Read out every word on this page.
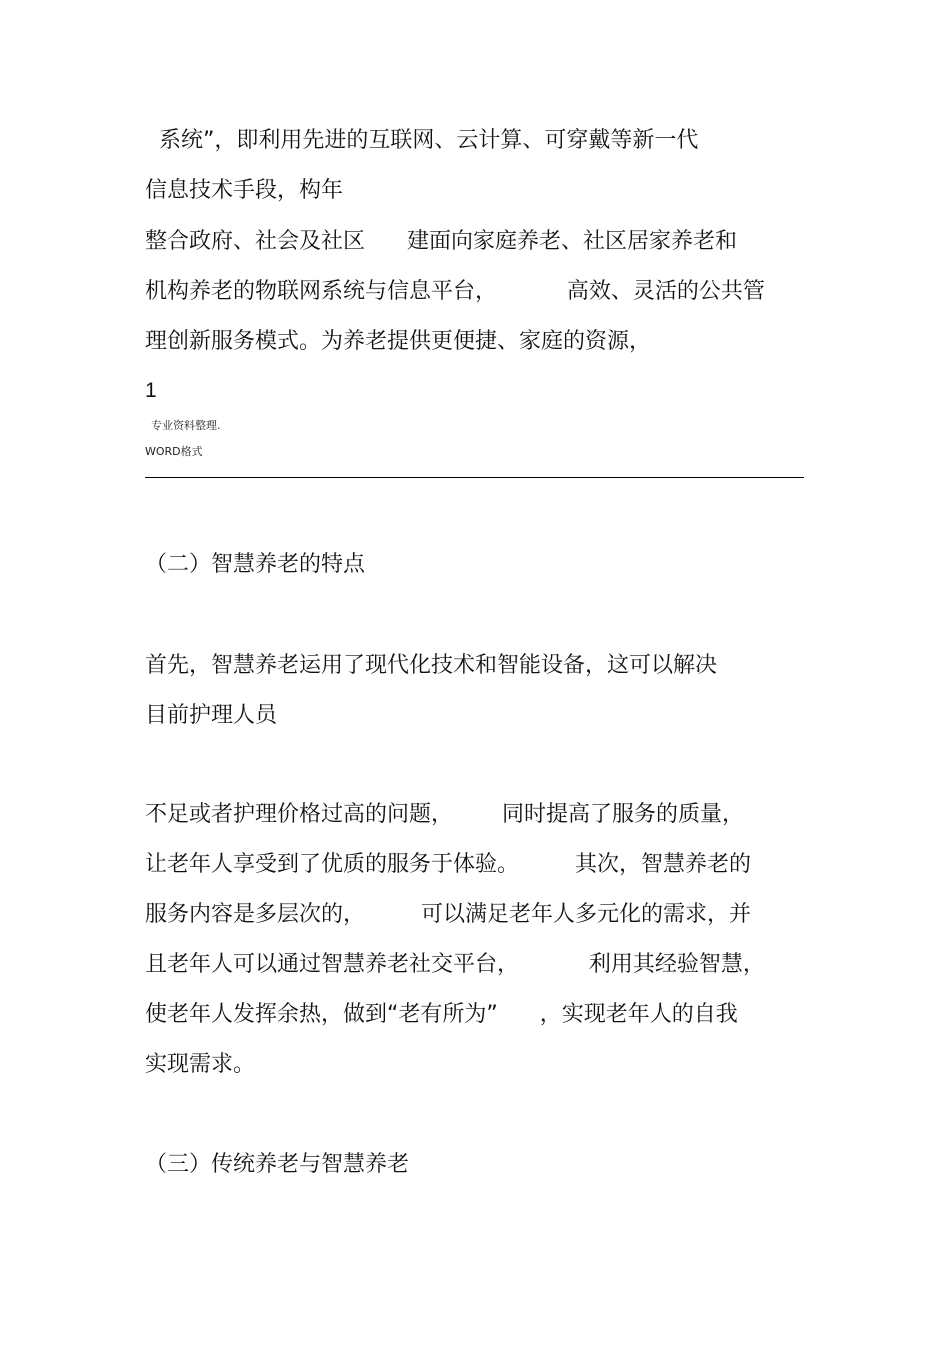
系统”，即利用先进的互联网、云计算、可穿戴等新一代

信息技术手段，构年

整合政府、社会及社区      建面向家庭养老、社区居家养老和

机构养老的物联网系统与信息平台，          高效、灵活的公共管

理创新服务模式。为养老提供更便捷、家庭的资源，

1
专业资料整理.
WORD格式

（二）智慧养老的特点

首先，智慧养老运用了现代化技术和智能设备，这可以解决

目前护理人员

不足或者护理价格过高的问题，       同时提高了服务的质量，

让老年人享受到了优质的服务于体验。        其次，智慧养老的

服务内容是多层次的，        可以满足老年人多元化的需求，并

且老年人可以通过智慧养老社交平台，          利用其经验智慧，

使老年人发挥余热，做到“老有所为”      ，实现老年人的自我

实现需求。

（三）传统养老与智慧养老
